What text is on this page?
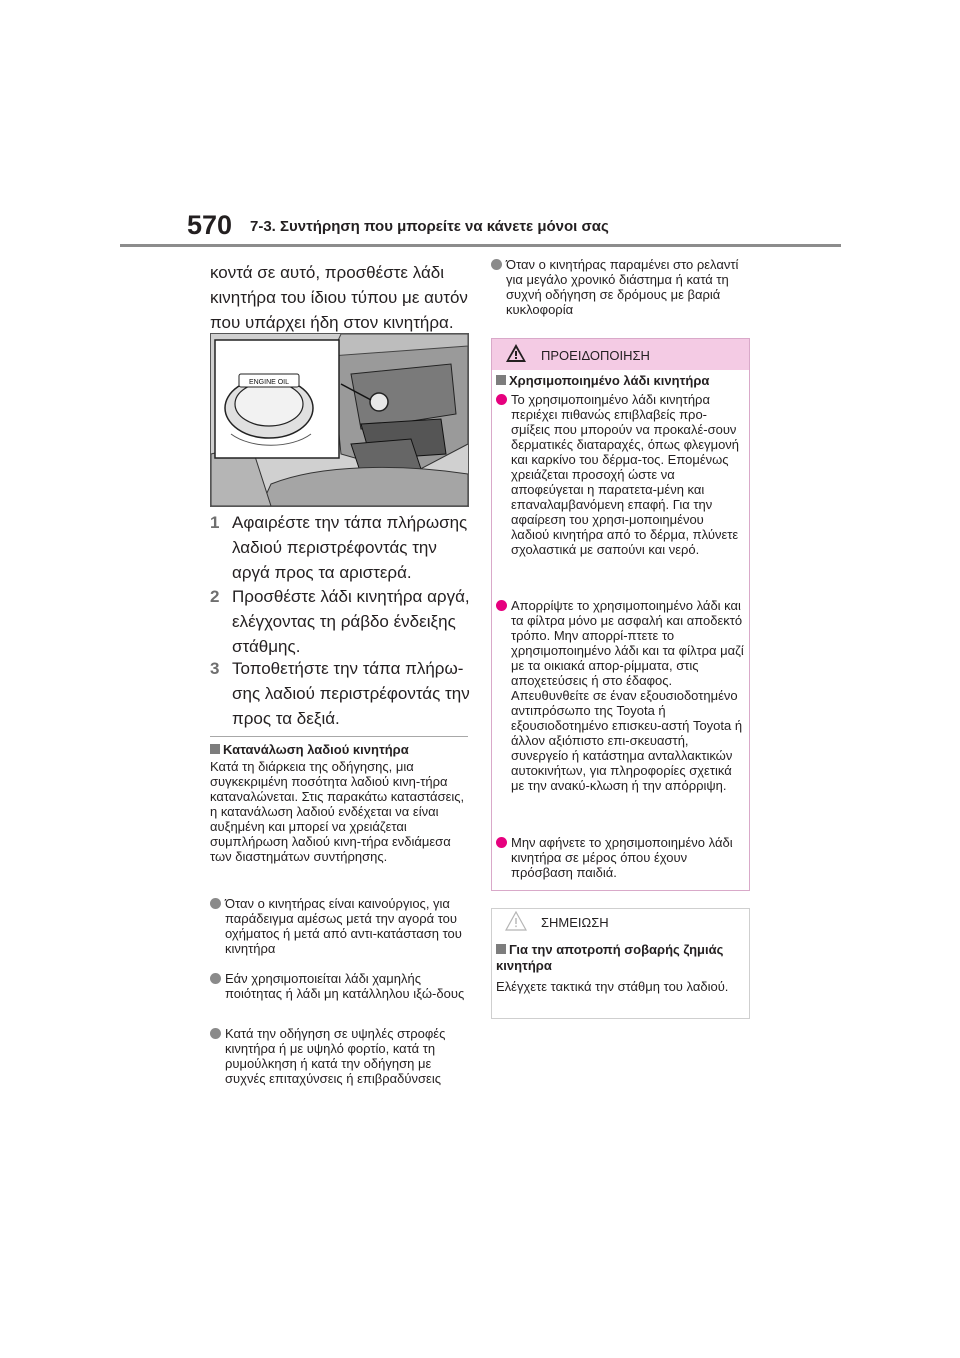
570 7-3. Συντήρηση που μπορείτε να κάνετε μόνοι σας
κοντά σε αυτό, προσθέστε λάδι κινητήρα του ίδιου τύπου με αυτόν που υπάρχει ήδη στον κινητήρα.
ENGINE OIL
1 Αφαιρέστε την τάπα πλήρωσης λαδιού περιστρέφοντάς την αργά προς τα αριστερά.
2 Προσθέστε λάδι κινητήρα αργά, ελέγχοντας τη ράβδο ένδειξης στάθμης.
3 Τοποθετήστε την τάπα πλήρω-σης λαδιού περιστρέφοντάς την προς τα δεξιά.
Κατανάλωση λαδιού κινητήρα
Κατά τη διάρκεια της οδήγησης, μια συγκεκριμένη ποσότητα λαδιού κινη-τήρα καταναλώνεται. Στις παρακάτω καταστάσεις, η κατανάλωση λαδιού ενδέχεται να είναι αυξημένη και μπορεί να χρειάζεται συμπλήρωση λαδιού κινη-τήρα ενδιάμεσα των διαστημάτων συντήρησης.
Όταν ο κινητήρας είναι καινούργιος, για παράδειγμα αμέσως μετά την αγορά του οχήματος ή μετά από αντι-κατάσταση του κινητήρα
Εάν χρησιμοποιείται λάδι χαμηλής ποιότητας ή λάδι μη κατάλληλου ιξώ-δους
Κατά την οδήγηση σε υψηλές στροφές κινητήρα ή με υψηλό φορτίο, κατά τη ρυμούλκηση ή κατά την οδήγηση με συχνές επιταχύνσεις ή επιβραδύνσεις
Όταν ο κινητήρας παραμένει στο ρελαντί για μεγάλο χρονικό διάστημα ή κατά τη συχνή οδήγηση σε δρόμους με βαριά κυκλοφορία
ΠΡΟΕΙΔΟΠΟΙΗΣΗ
Χρησιμοποιημένο λάδι κινητήρα
Το χρησιμοποιημένο λάδι κινητήρα περιέχει πιθανώς επιβλαβείς προ-σμίξεις που μπορούν να προκαλέ-σουν δερματικές διαταραχές, όπως φλεγμονή και καρκίνο του δέρμα-τος. Επομένως χρειάζεται προσοχή ώστε να αποφεύγεται η παρατετα-μένη και επαναλαμβανόμενη επαφή. Για την αφαίρεση του χρησι-μοποιημένου λαδιού κινητήρα από το δέρμα, πλύνετε σχολαστικά με σαπούνι και νερό.
Απορρίψτε το χρησιμοποιημένο λάδι και τα φίλτρα μόνο με ασφαλή και αποδεκτό τρόπο. Μην απορρί-πτετε το χρησιμοποιημένο λάδι και τα φίλτρα μαζί με τα οικιακά απορ-ρίμματα, στις αποχετεύσεις ή στο έδαφος. Απευθυνθείτε σε έναν εξουσιοδοτημένο αντιπρόσωπο της Toyota ή εξουσιοδοτημένο επισκευ-αστή Toyota ή άλλον αξιόπιστο επι-σκευαστή, συνεργείο ή κατάστημα ανταλλακτικών αυτοκινήτων, για πληροφορίες σχετικά με την ανακύ-κλωση ή την απόρριψη.
Μην αφήνετε το χρησιμοποιημένο λάδι κινητήρα σε μέρος όπου έχουν πρόσβαση παιδιά.
ΣΗΜΕΙΩΣΗ
Για την αποτροπή σοβαρής ζημιάς κινητήρα
Ελέγχετε τακτικά την στάθμη του λαδιού.
